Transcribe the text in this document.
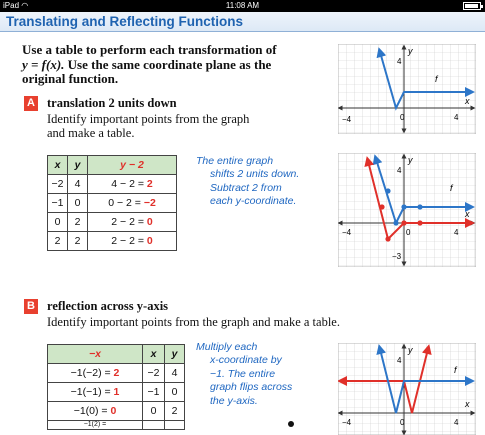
iPad ◠	11:08 AM
Translating and Reflecting Functions
Use a table to perform each transformation of
y = f(x). Use the same coordinate plane as the
original function.
A translation 2 units down
Identify important points from the graph
and make a table.
x	y	y − 2
−2	4	4 − 2 = 2
−1	0	0 − 2 = −2
0	2	2 − 2 = 0
2	2	2 − 2 = 0
The entire graph
shifts 2 units down.
Subtract 2 from
each y-coordinate.
y
4
f
x
−4	0	4
y
4
f
x
−4	0	4
−3
B reflection across y-axis
Identify important points from the graph and make a table.
−x	x	y
−1(−2) = 2	−2	4
−1(−1) = 1	−1	0
−1(0) = 0	0	2
−1(2) =		
Multiply each
x-coordinate by
−1. The entire
graph flips across
the y-axis.
y
4
f
x
−4	0	4
